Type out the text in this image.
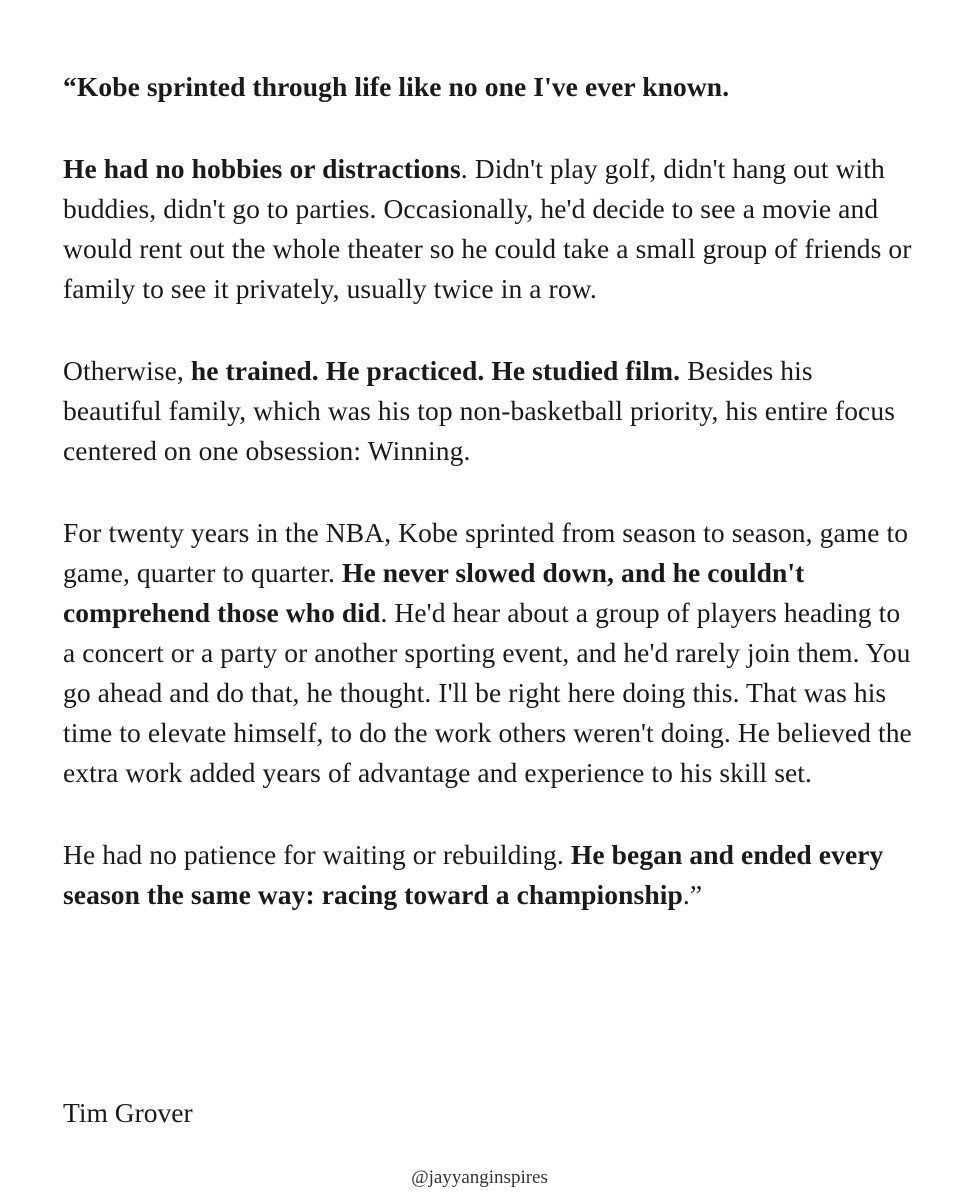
“Kobe sprinted through life like no one I've ever known.

He had no hobbies or distractions. Didn't play golf, didn't hang out with buddies, didn't go to parties. Occasionally, he'd decide to see a movie and would rent out the whole theater so he could take a small group of friends or family to see it privately, usually twice in a row.

Otherwise, he trained. He practiced. He studied film. Besides his beautiful family, which was his top non-basketball priority, his entire focus centered on one obsession: Winning.

For twenty years in the NBA, Kobe sprinted from season to season, game to game, quarter to quarter. He never slowed down, and he couldn't comprehend those who did. He'd hear about a group of players heading to a concert or a party or another sporting event, and he'd rarely join them. You go ahead and do that, he thought. I'll be right here doing this. That was his time to elevate himself, to do the work others weren't doing. He believed the extra work added years of advantage and experience to his skill set.

He had no patience for waiting or rebuilding. He began and ended every season the same way: racing toward a championship.”

Tim Grover
@jayyanginspires
